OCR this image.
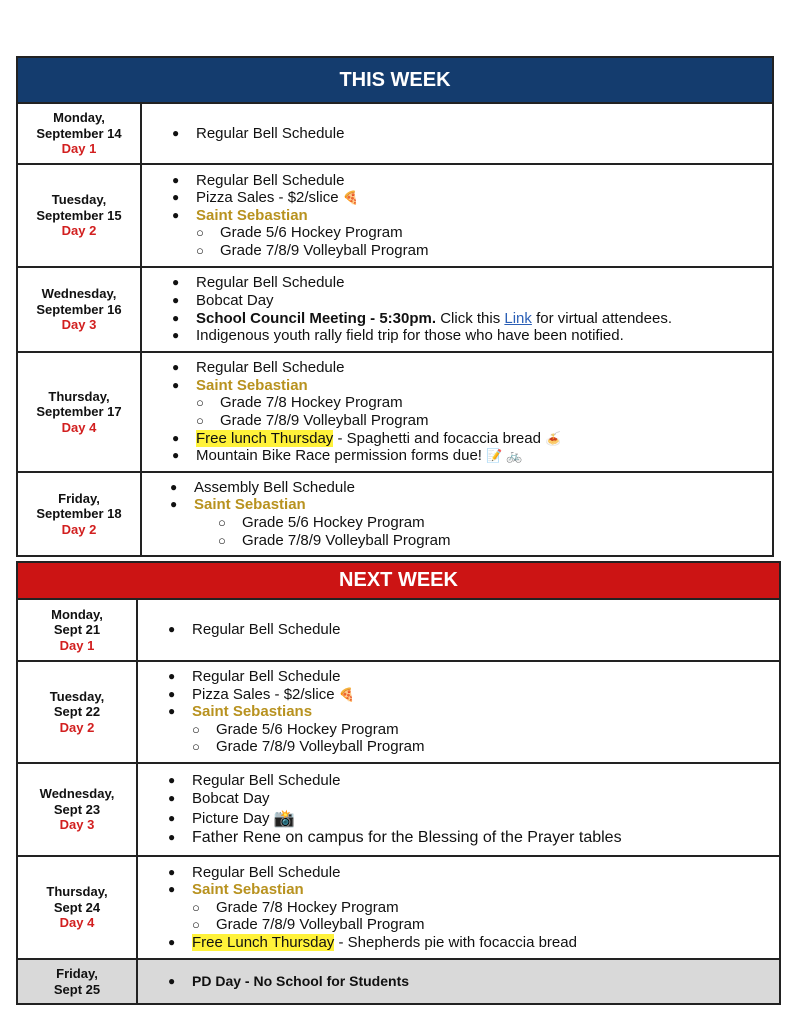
THIS WEEK
Monday,
September 14
Day 1
●	Regular Bell Schedule
Tuesday,
September 15
Day 2
●	Regular Bell Schedule
●	Pizza Sales - $2/slice 🍕
●	Saint Sebastian
○	Grade 5/6 Hockey Program
○	Grade 7/8/9 Volleyball Program
Wednesday,
September 16
Day 3
●	Regular Bell Schedule
●	Bobcat Day
●	School Council Meeting - 5:30pm. Click this Link for virtual attendees.
●	Indigenous youth rally field trip for those who have been notified.
Thursday,
September 17
Day 4
●	Regular Bell Schedule
●	Saint Sebastian
○	Grade 7/8 Hockey Program
○	Grade 7/8/9 Volleyball Program
●	Free lunch Thursday - Spaghetti and focaccia bread 🍝
●	Mountain Bike Race permission forms due! 📝 🚲
Friday,
September 18
Day 2
●	Assembly Bell Schedule
●	Saint Sebastian
○	Grade 5/6 Hockey Program
○	Grade 7/8/9 Volleyball Program
NEXT WEEK
Monday,
Sept 21
Day 1
●	Regular Bell Schedule
Tuesday,
Sept 22
Day 2
●	Regular Bell Schedule
●	Pizza Sales - $2/slice 🍕
●	Saint Sebastians
○	Grade 5/6 Hockey Program
○	Grade 7/8/9 Volleyball Program
Wednesday,
Sept 23
Day 3
●	Regular Bell Schedule
●	Bobcat Day
●	Picture Day 📸
●	Father Rene on campus for the Blessing of the Prayer tables
Thursday,
Sept 24
Day 4
●	Regular Bell Schedule
●	Saint Sebastian
○	Grade 7/8 Hockey Program
○	Grade 7/8/9 Volleyball Program
●	Free Lunch Thursday - Shepherds pie with focaccia bread
Friday,
Sept 25
●	PD Day - No School for Students
